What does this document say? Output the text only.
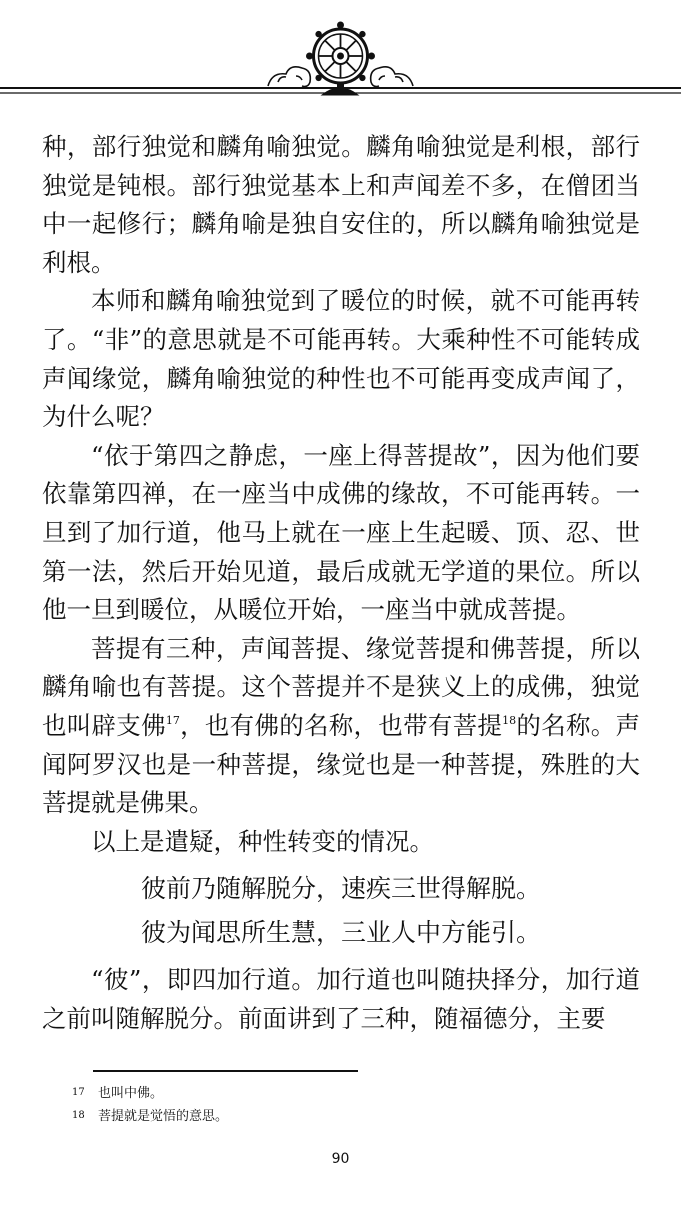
种，部行独觉和麟角喻独觉。麟角喻独觉是利根，部行独觉是钝根。部行独觉基本上和声闻差不多，在僧团当中一起修行；麟角喻是独自安住的，所以麟角喻独觉是利根。

本师和麟角喻独觉到了暖位的时候，就不可能再转了。“非”的意思就是不可能再转。大乘种性不可能转成声闻缘觉，麟角喻独觉的种性也不可能再变成声闻了，为什么呢？

“依于第四之静虑，一座上得菩提故”，因为他们要依靠第四禅，在一座当中成佛的缘故，不可能再转。一旦到了加行道，他马上就在一座上生起暖、顶、忍、世第一法，然后开始见道，最后成就无学道的果位。所以他一旦到暖位，从暖位开始，一座当中就成菩提。

菩提有三种，声闻菩提、缘觉菩提和佛菩提，所以麟角喻也有菩提。这个菩提并不是狭义上的成佛，独觉也叫辟支佛$^{17}$，也有佛的名称，也带有菩提$^{18}$的名称。声闻阿罗汉也是一种菩提，缘觉也是一种菩提，殊胜的大菩提就是佛果。

以上是遣疑，种性转变的情况。

彼前乃随解脱分，速疾三世得解脱。
彼为闻思所生慧，三业人中方能引。

“彼”，即四加行道。加行道也叫随抉择分，加行道之前叫随解脱分。前面讲到了三种，随福德分，主要

17 也叫中佛。
18 菩提就是觉悟的意思。
90
